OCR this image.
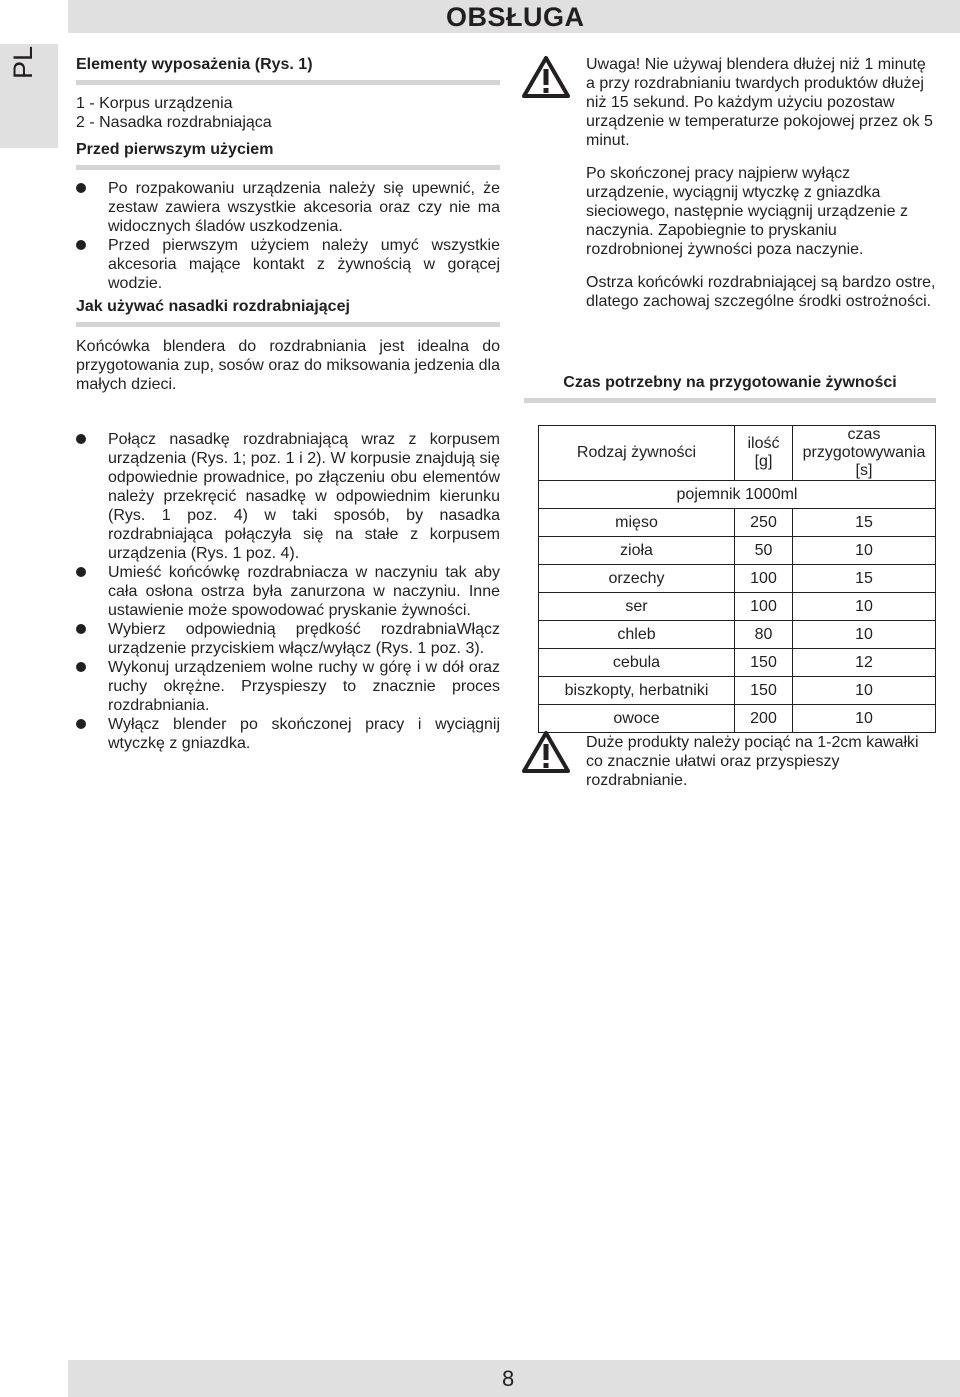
OBSŁUGA
PL Elementy wyposażenia (Rys. 1)
1 - Korpus urządzenia
2 - Nasadka rozdrabniająca
Przed pierwszym użyciem
Po rozpakowaniu urządzenia należy się upewnić, że zestaw zawiera wszystkie akcesoria oraz czy nie ma widocznych śladów uszkodzenia.
Przed pierwszym użyciem należy umyć wszystkie akcesoria mające kontakt z żywnością w gorącej wodzie.
Jak używać nasadki rozdrabniającej
Końcówka blendera do rozdrabniania jest idealna do przygotowania zup, sosów oraz do miksowania jedzenia dla małych dzieci.
Połącz nasadkę rozdrabniającą wraz z korpusem urządzenia (Rys. 1; poz. 1 i 2). W korpusie znajdują się odpowiednie prowadnice, po złączeniu obu elementów należy przekręcić nasadkę w odpowiednim kierunku (Rys. 1 poz. 4) w taki sposób, by nasadka rozdrabniająca połączyła się na stałe z korpusem urządzenia (Rys. 1 poz. 4).
Umieść końcówkę rozdrabniacza w naczyniu tak aby cała osłona ostrza była zanurzona w naczyniu. Inne ustawienie może spowodować pryskanie żywności.
Wybierz odpowiednią prędkość rozdrabniaWłącz urządzenie przyciskiem włącz/wyłącz (Rys. 1 poz. 3).
Wykonuj urządzeniem wolne ruchy w górę i w dół oraz ruchy okrężne. Przyspieszy to znacznie proces rozdrabniania.
Wyłącz blender po skończonej pracy i wyciągnij wtyczkę z gniazdka.

Uwaga! Nie używaj blendera dłużej niż 1 minutę a przy rozdrabnianiu twardych produktów dłużej niż 15 sekund. Po każdym użyciu pozostaw urządzenie w temperaturze pokojowej przez ok 5 minut.

Po skończonej pracy najpierw wyłącz urządzenie, wyciągnij wtyczkę z gniazdka sieciowego, następnie wyciągnij urządzenie z naczynia. Zapobiegnie to pryskaniu rozdrobnionej żywności poza naczynie.

Ostrza końcówki rozdrabniającej są bardzo ostre, dlatego zachowaj szczególne środki ostrożności.

Czas potrzebny na przygotowanie żywności
Rodzaj żywności	ilość [g]	czas przygotowywania [s]
pojemnik 1000ml		
mięso	250	15
zioła	50	10
orzechy	100	15
ser	100	10
chleb	80	10
cebula	150	12
biszkopty, herbatniki	150	10
owoce	200	10

Duże produkty należy pociąć na 1-2cm kawałki co znacznie ułatwi oraz przyspieszy rozdrabnianie.

8
